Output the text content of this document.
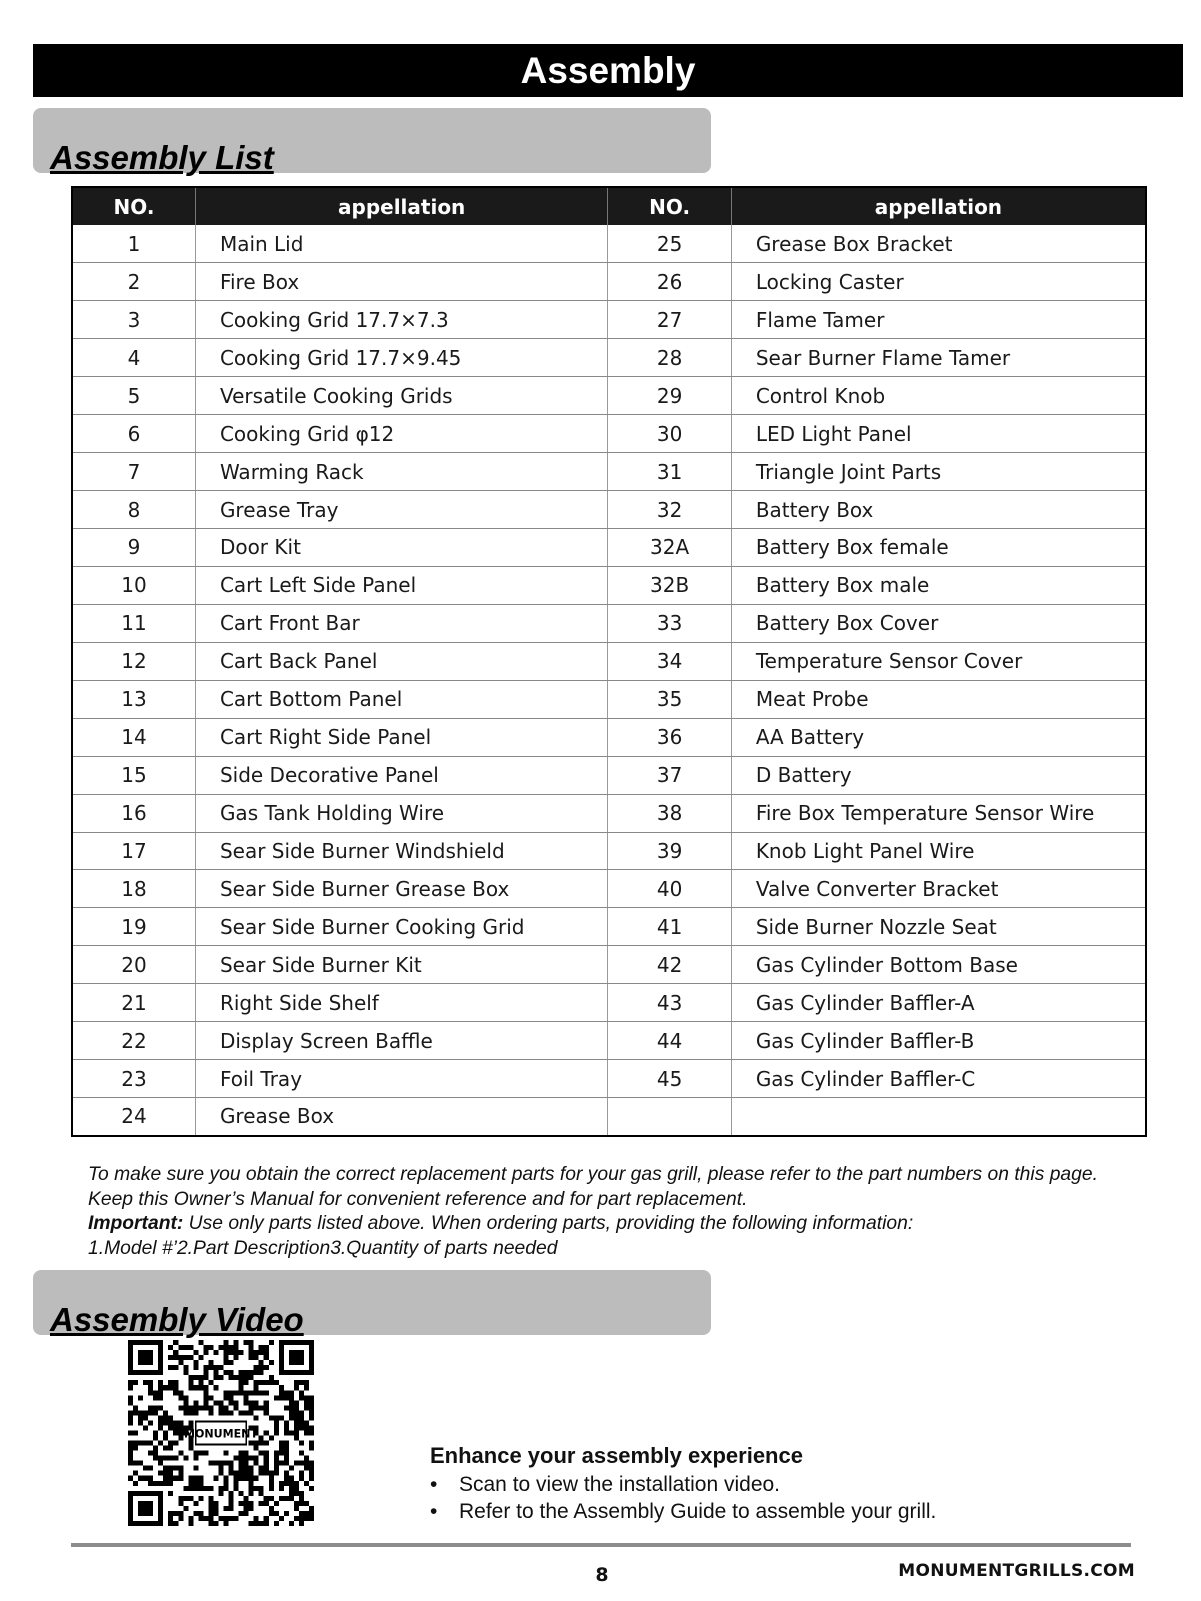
Assembly
Assembly List
NO.	appellation	NO.	appellation
1	Main Lid	25	Grease Box Bracket
2	Fire Box	26	Locking Caster
3	Cooking Grid 17.7×7.3	27	Flame Tamer
4	Cooking Grid 17.7×9.45	28	Sear Burner Flame Tamer
5	Versatile Cooking Grids	29	Control Knob
6	Cooking Grid φ12	30	LED Light Panel
7	Warming Rack	31	Triangle Joint Parts
8	Grease Tray	32	Battery Box
9	Door Kit	32A	Battery Box female
10	Cart Left Side Panel	32B	Battery Box male
11	Cart Front Bar	33	Battery Box Cover
12	Cart Back Panel	34	Temperature Sensor Cover
13	Cart Bottom Panel	35	Meat Probe
14	Cart Right Side Panel	36	AA Battery
15	Side Decorative Panel	37	D Battery
16	Gas Tank Holding Wire	38	Fire Box Temperature Sensor Wire
17	Sear Side Burner Windshield	39	Knob Light Panel Wire
18	Sear Side Burner Grease Box	40	Valve Converter Bracket
19	Sear Side Burner Cooking Grid	41	Side Burner Nozzle Seat
20	Sear Side Burner Kit	42	Gas Cylinder Bottom Base
21	Right Side Shelf	43	Gas Cylinder Baffler-A
22	Display Screen Baffle	44	Gas Cylinder Baffler-B
23	Foil Tray	45	Gas Cylinder Baffler-C
24	Grease Box		
To make sure you obtain the correct replacement parts for your gas grill, please refer to the part numbers on this page.
Keep this Owner’s Manual for convenient reference and for part replacement.
Important: Use only parts listed above. When ordering parts, providing the following information:
1.Model #’2.Part Description3.Quantity of parts needed
Assembly Video
MONUMENT
Enhance your assembly experience
• Scan to view the installation video.
• Refer to the Assembly Guide to assemble your grill.
8	MONUMENTGRILLS.COM
